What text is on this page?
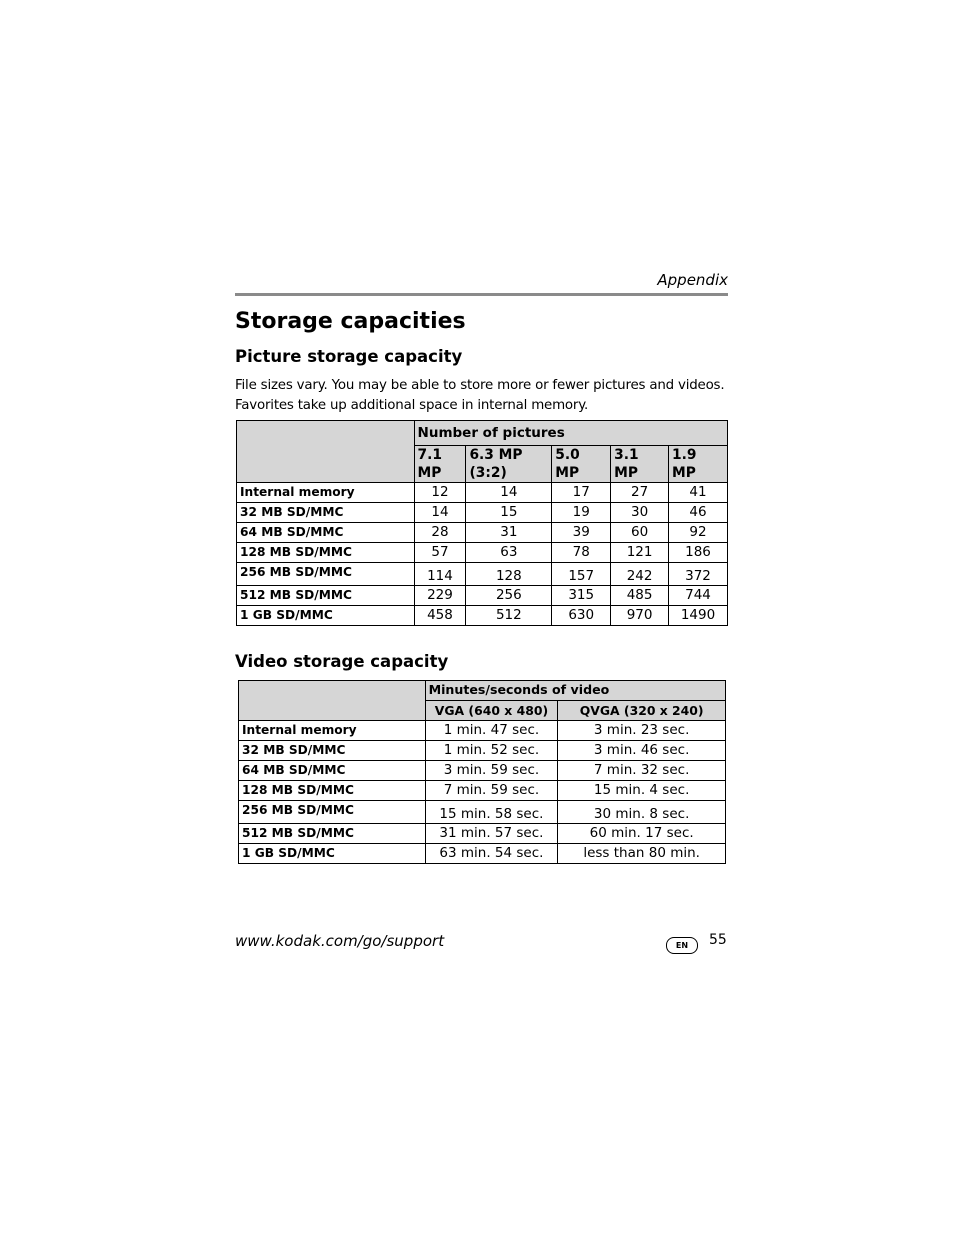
Appendix
Storage capacities
Picture storage capacity
File sizes vary. You may be able to store more or fewer pictures and videos. Favorites take up additional space in internal memory.
	Number of pictures				
	7.1 MP	6.3 MP (3:2)	5.0 MP	3.1 MP	1.9 MP
Internal memory	12	14	17	27	41
32 MB SD/MMC	14	15	19	30	46
64 MB SD/MMC	28	31	39	60	92
128 MB SD/MMC	57	63	78	121	186
256 MB SD/MMC	114	128	157	242	372
512 MB SD/MMC	229	256	315	485	744
1 GB SD/MMC	458	512	630	970	1490
Video storage capacity
	Minutes/seconds of video	
	VGA (640 x 480)	QVGA (320 x 240)
Internal memory	1 min. 47 sec.	3 min. 23 sec.
32 MB SD/MMC	1 min. 52 sec.	3 min. 46 sec.
64 MB SD/MMC	3 min. 59 sec.	7 min. 32 sec.
128 MB SD/MMC	7 min. 59 sec.	15 min. 4 sec.
256 MB SD/MMC	15 min. 58 sec.	30 min. 8 sec.
512 MB SD/MMC	31 min. 57 sec.	60 min. 17 sec.
1 GB SD/MMC	63 min. 54 sec.	less than 80 min.
www.kodak.com/go/support	EN	55
